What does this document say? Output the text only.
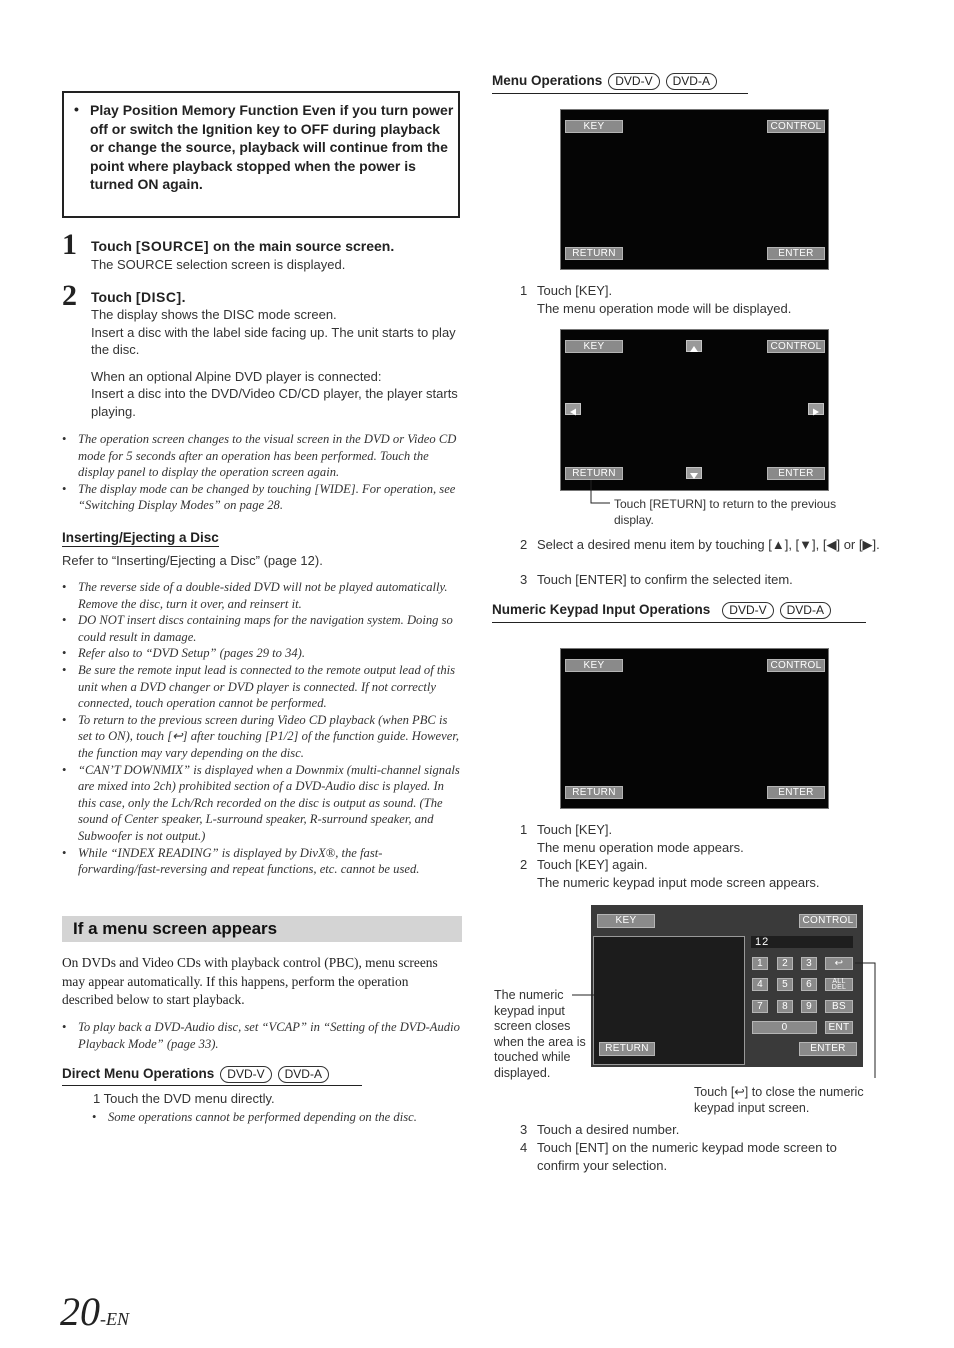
• Play Position Memory Function Even if you turn power off or switch the Ignition key to OFF during playback or change the source, playback will continue from the point where playback stopped when the power is turned ON again.
1 Touch [SOURCE] on the main source screen.
The SOURCE selection screen is displayed.
2 Touch [DISC].

The display shows the DISC mode screen.

Insert a disc with the label side facing up. The unit starts to play the disc.

When an optional Alpine DVD player is connected:

Insert a disc into the DVD/Video CD/CD player, the player starts playing.

• The operation screen changes to the visual screen in the DVD or Video CD mode for 5 seconds after an operation has been performed. Touch the display panel to display the operation screen again.
• The display mode can be changed by touching [WIDE]. For operation, see “Switching Display Modes” on page 28.
Inserting/Ejecting a Disc
Refer to “Inserting/Ejecting a Disc” (page 12).
• The reverse side of a double-sided DVD will not be played automatically. Remove the disc, turn it over, and reinsert it.
• DO NOT insert discs containing maps for the navigation system. Doing so could result in damage.
• Refer also to “DVD Setup” (pages 29 to 34).
• Be sure the remote input lead is connected to the remote output lead of this unit when a DVD changer or DVD player is connected. If not correctly connected, touch operation cannot be performed.
• To return to the previous screen during Video CD playback (when PBC is set to ON), touch [↩] after touching [P1/2] of the function guide. However, the function may vary depending on the disc.
• “CAN’T DOWNMIX” is displayed when a Downmix (multi-channel signals are mixed into 2ch) prohibited section of a DVD-Audio disc is played. In this case, only the Lch/Rch recorded on the disc is output as sound. (The sound of Center speaker, L-surround speaker, R-surround speaker, and Subwoofer is not output.)
• While “INDEX READING” is displayed by DivX®, the fast-forwarding/fast-reversing and repeat functions, etc. cannot be used.
If a menu screen appears
On DVDs and Video CDs with playback control (PBC), menu screens may appear automatically. If this happens, perform the operation described below to start playback.
• To play back a DVD-Audio disc, set “VCAP” in “Setting of the DVD-Audio Playback Mode” (page 33).
Direct Menu Operations DVD-V DVD-A
1 Touch the DVD menu directly.
• Some operations cannot be performed depending on the disc.
20-EN
Menu Operations DVD-V DVD-A
KEY	CONTROL
RETURN	ENTER
1 Touch [KEY].

The menu operation mode will be displayed.

KEY	CONTROL
RETURN	ENTER
Touch [RETURN] to return to the previous display.
2 Select a desired menu item by touching [▲], [▼], [◀] or [▶].
3 Touch [ENTER] to confirm the selected item.
Numeric Keypad Input Operations DVD-V DVD-A
KEY	CONTROL
RETURN	ENTER
1 Touch [KEY].

The menu operation mode appears.

2 Touch [KEY] again.

The numeric keypad input mode screen appears.

KEY	CONTROL
RETURN
12
1	2	3	↩
4	5	6	ALL DEL
7	8	9	BS
0	ENT
ENTER
The numeric keypad input screen closes when the area is touched while displayed.
Touch [↩] to close the numeric keypad input screen.
3 Touch a desired number.
4 Touch [ENT] on the numeric keypad mode screen to confirm your selection.
